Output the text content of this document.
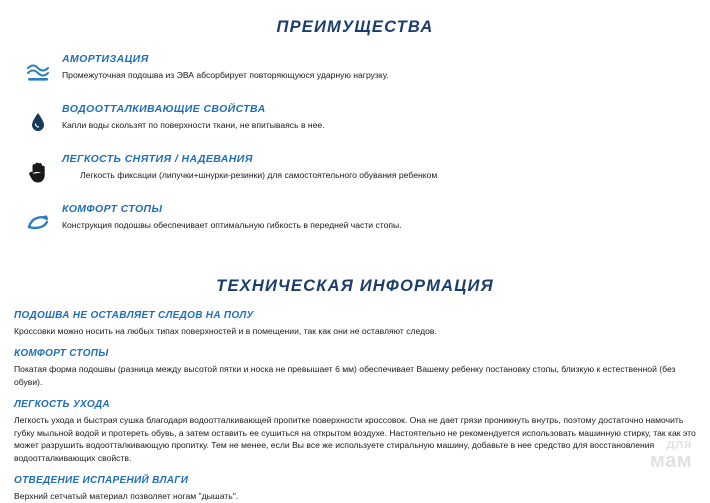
ПРЕИМУЩЕСТВА
АМОРТИЗАЦИЯ
Промежуточная подошва из ЭВА абсорбирует повторяющуюся ударную нагрузку.
ВОДООТТАЛКИВАЮЩИЕ СВОЙСТВА
Капли воды скользят по поверхности ткани, не впитываясь в нее.
ЛЕГКОСТЬ СНЯТИЯ / НАДЕВАНИЯ
Легкость фиксации (липучки+шнурки-резинки) для самостоятельного обувания ребенком
КОМФОРТ СТОПЫ
Конструкция подошвы обеспечивает оптимальную гибкость в передней части стопы.
ТЕХНИЧЕСКАЯ ИНФОРМАЦИЯ
ПОДОШВА НЕ ОСТАВЛЯЕТ СЛЕДОВ НА ПОЛУ
Кроссовки можно носить на любых типах поверхностей и в помещении, так как они не оставляют следов.
КОМФОРТ СТОПЫ
Покатая форма подошвы (разница между высотой пятки и носка не превышает 6 мм) обеспечивает Вашему ребенку постановку стопы, близкую к естественной (без обуви).
ЛЕГКОСТЬ УХОДА
Легкость ухода и быстрая сушка благодаря водоотталкивающей пропитке поверхности кроссовок. Она не дает грязи проникнуть внутрь, поэтому достаточно намочить губку мыльной водой и протереть обувь, а затем оставить ее сушиться на открытом воздухе. Настоятельно не рекомендуется использовать машинную стирку, так как это может разрушить водоотталкивающую пропитку. Тем не менее, если Вы все же используете стиральную машину, добавьте в нее средство для восстановления водоотталкивающих свойств.
ОТВЕДЕНИЕ ИСПАРЕНИЙ ВЛАГИ
Верхний сетчатый материал позволяет ногам "дышать".
для
мам
